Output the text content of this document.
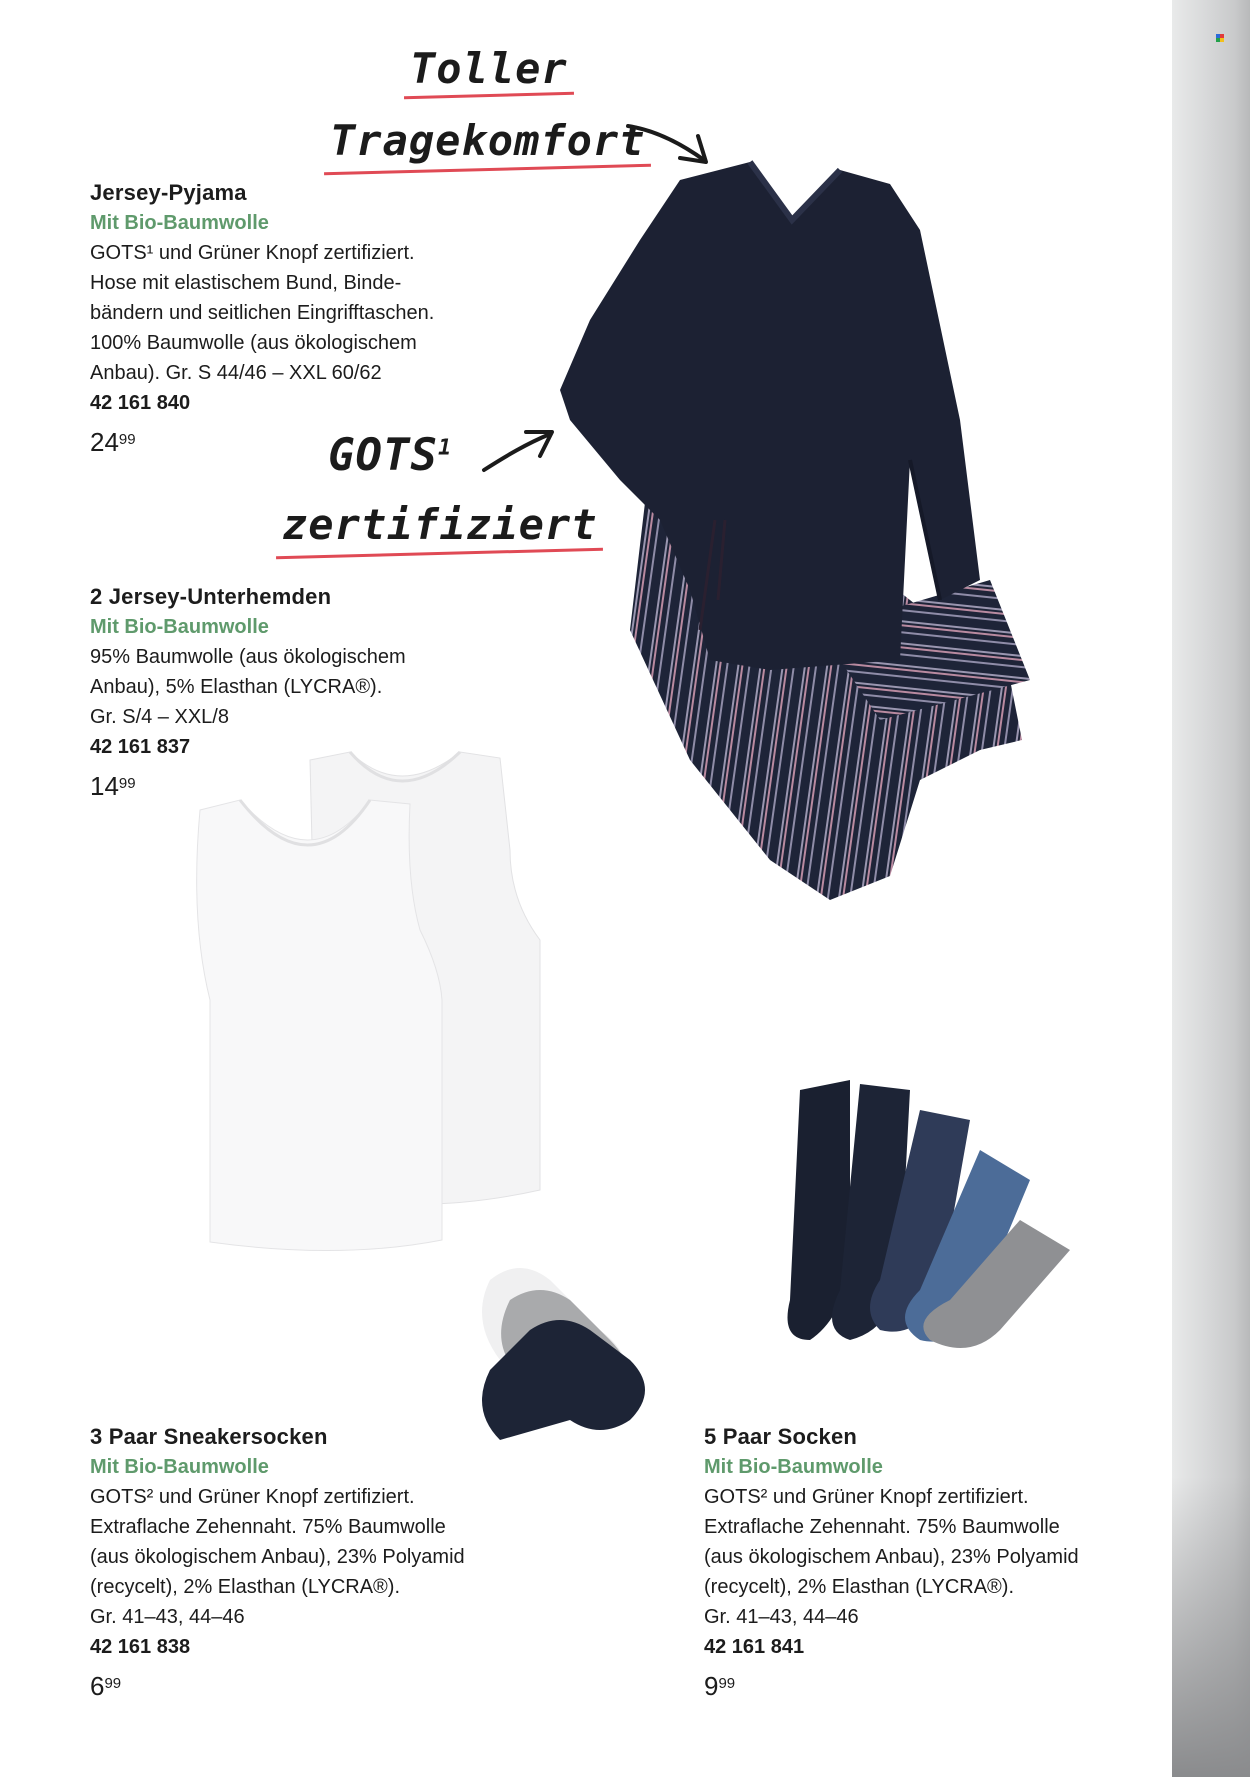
Toller
Tragekomfort
GOTS$^1$
zertifiziert
Jersey-Pyjama
Mit Bio-Baumwolle
GOTS¹ und Grüner Knopf zertifiziert.
Hose mit elastischem Bund, Binde-
bändern und seitlichen Eingrifftaschen.
100% Baumwolle (aus ökologischem
Anbau). Gr. S 44/46 – XXL 60/62
42 161 840
$24^{99}$
2 Jersey-Unterhemden
Mit Bio-Baumwolle
95% Baumwolle (aus ökologischem
Anbau), 5% Elasthan (LYCRA®).
Gr. S/4 – XXL/8
42 161 837
$14^{99}$
3 Paar Sneakersocken
Mit Bio-Baumwolle
GOTS² und Grüner Knopf zertifiziert.
Extraflache Zehennaht. 75% Baumwolle
(aus ökologischem Anbau), 23% Polyamid
(recycelt), 2% Elasthan (LYCRA®).
Gr. 41–43, 44–46
42 161 838
$6^{99}$
5 Paar Socken
Mit Bio-Baumwolle
GOTS² und Grüner Knopf zertifiziert.
Extraflache Zehennaht. 75% Baumwolle
(aus ökologischem Anbau), 23% Polyamid
(recycelt), 2% Elasthan (LYCRA®).
Gr. 41–43, 44–46
42 161 841
$9^{99}$
